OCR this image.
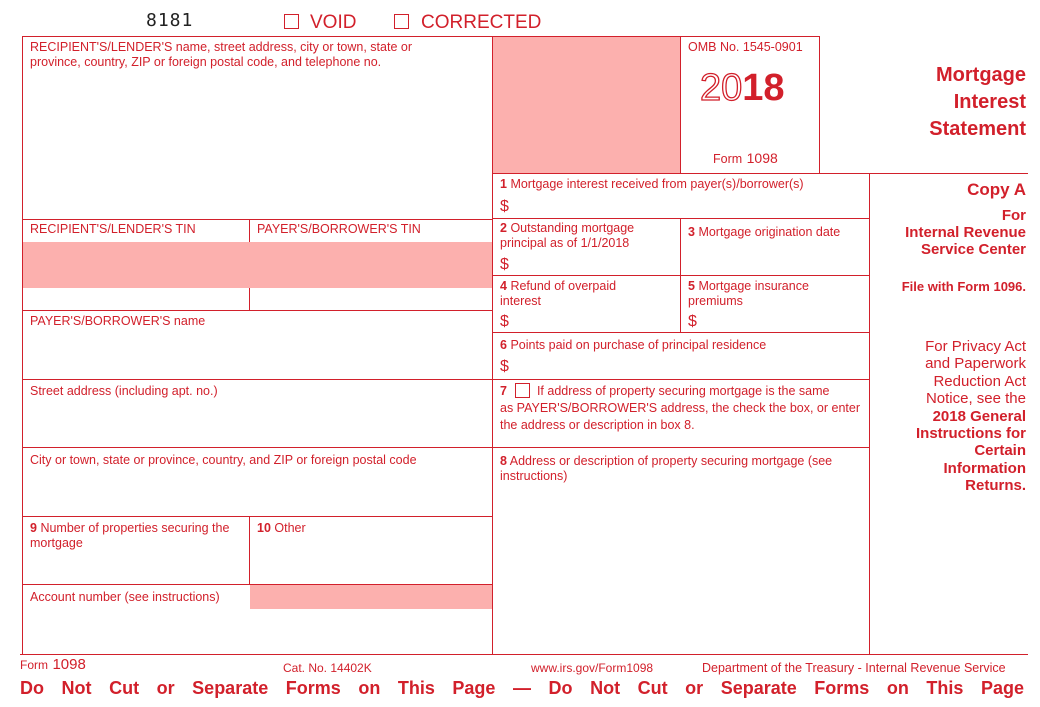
8181	VOID	CORRECTED
OMB No. 1545-0901
2018
Form 1098
Mortgage
Interest
Statement
Copy A
For
Internal Revenue
Service Center
File with Form 1096.
For Privacy Act
and Paperwork
Reduction Act
Notice, see the
2018 General
Instructions for
Certain
Information
Returns.
RECIPIENT'S/LENDER'S name, street address, city or town, state or
province, country, ZIP or foreign postal code, and telephone no.
RECIPIENT'S/LENDER'S TIN	PAYER'S/BORROWER'S TIN
PAYER'S/BORROWER'S name
Street address (including apt. no.)
City or town, state or province, country, and ZIP or foreign postal code
9 Number of properties securing the
mortgage
10 Other
Account number (see instructions)
1 Mortgage interest received from payer(s)/borrower(s)
$
2 Outstanding mortgage
principal as of 1/1/2018
$
3 Mortgage origination date
4 Refund of overpaid
interest
$
5 Mortgage insurance
premiums
$
6 Points paid on purchase of principal residence
$
7 If address of property securing mortgage is the same
as PAYER'S/BORROWER'S address, the check the box, or enter
the address or description in box 8.
8 Address or description of property securing mortgage (see
instructions)
Form 1098	Cat. No. 14402K	www.irs.gov/Form1098	Department of the Treasury - Internal Revenue Service
Do Not Cut or Separate Forms on This Page — Do Not Cut or Separate Forms on This Page
